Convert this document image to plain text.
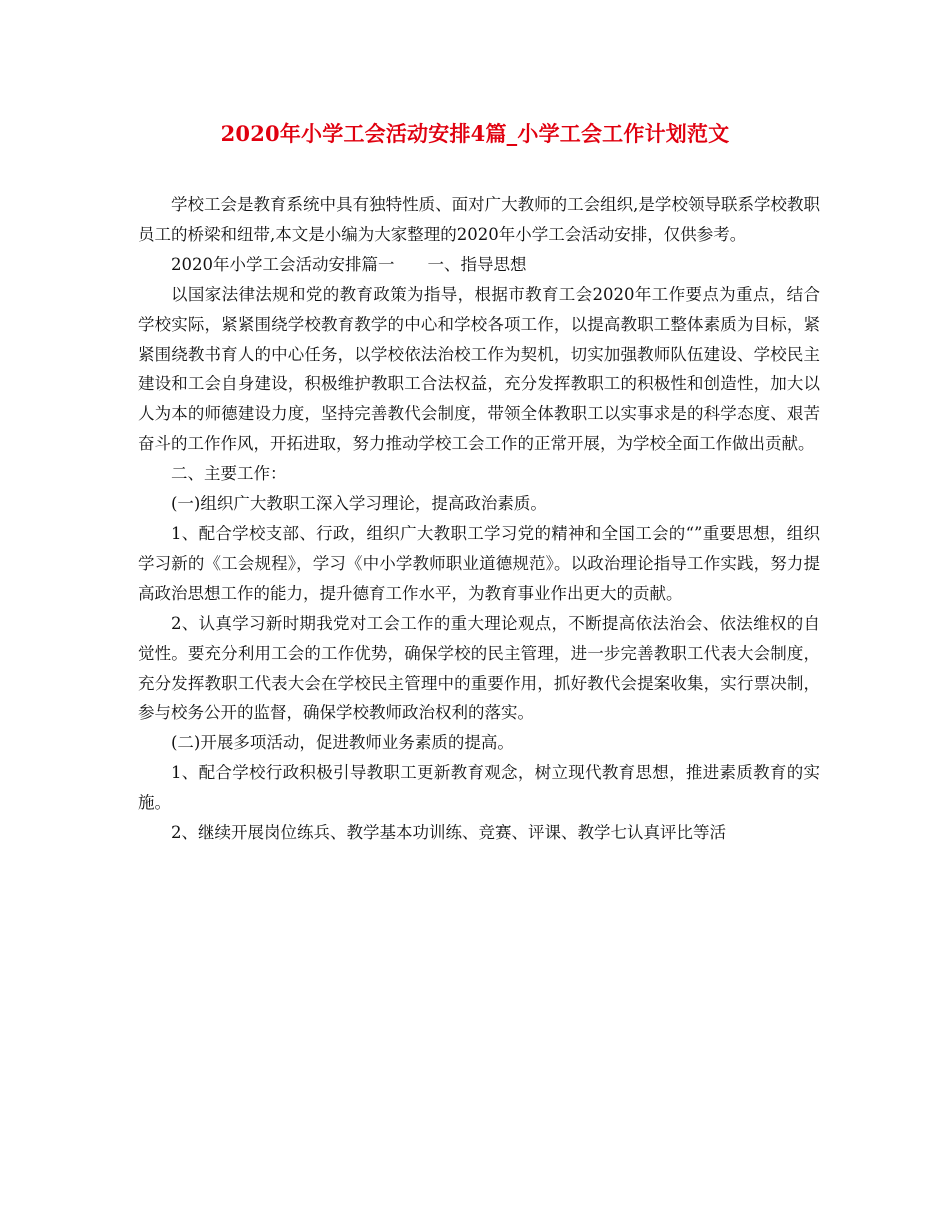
2020年小学工会活动安排4篇_小学工会工作计划范文

学校工会是教育系统中具有独特性质、面对广大教师的工会组织,是学校领导联系学校教职员工的桥梁和纽带,本文是小编为大家整理的2020年小学工会活动安排，仅供参考。

2020年小学工会活动安排篇一　　一、指导思想

以国家法律法规和党的教育政策为指导，根据市教育工会2020年工作要点为重点，结合学校实际，紧紧围绕学校教育教学的中心和学校各项工作，以提高教职工整体素质为目标，紧紧围绕教书育人的中心任务，以学校依法治校工作为契机，切实加强教师队伍建设、学校民主建设和工会自身建设，积极维护教职工合法权益，充分发挥教职工的积极性和创造性，加大以人为本的师德建设力度，坚持完善教代会制度，带领全体教职工以实事求是的科学态度、艰苦奋斗的工作作风，开拓进取，努力推动学校工会工作的正常开展，为学校全面工作做出贡献。

二、主要工作：

(一)组织广大教职工深入学习理论，提高政治素质。

1、配合学校支部、行政，组织广大教职工学习党的精神和全国工会的“”重要思想，组织学习新的《工会规程》，学习《中小学教师职业道德规范》。以政治理论指导工作实践，努力提高政治思想工作的能力，提升德育工作水平，为教育事业作出更大的贡献。

2、认真学习新时期我党对工会工作的重大理论观点，不断提高依法治会、依法维权的自觉性。要充分利用工会的工作优势，确保学校的民主管理，进一步完善教职工代表大会制度，充分发挥教职工代表大会在学校民主管理中的重要作用，抓好教代会提案收集，实行票决制，参与校务公开的监督，确保学校教师政治权利的落实。

(二)开展多项活动，促进教师业务素质的提高。

1、配合学校行政积极引导教职工更新教育观念，树立现代教育思想，推进素质教育的实施。

2、继续开展岗位练兵、教学基本功训练、竞赛、评课、教学七认真评比等活
